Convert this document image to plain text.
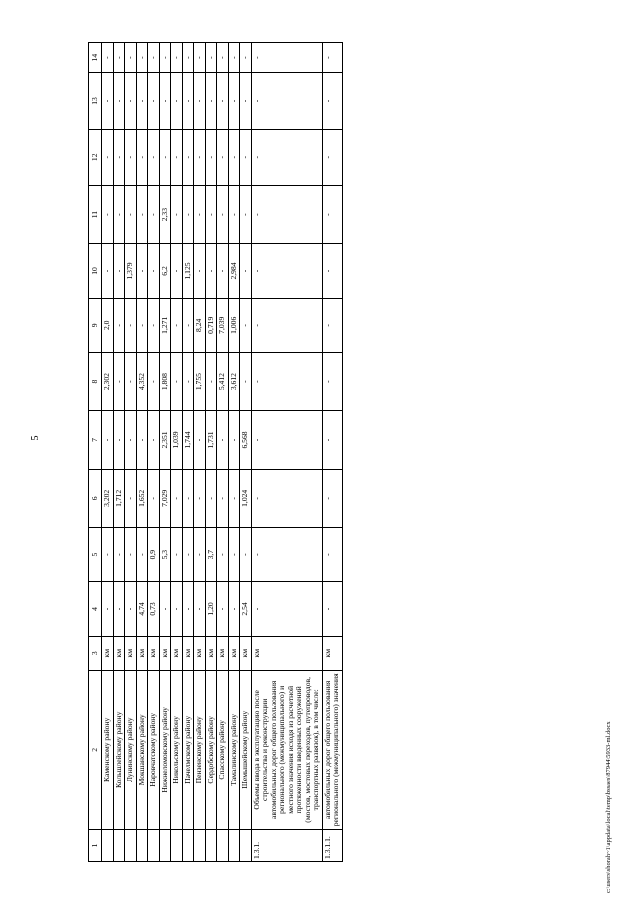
5
1	2	3	4	5	6	7	8	9	10	11	12	13	14
	Каменскому району	км	-	-	3,202	-	2,302	2,0	-	-	-	-	-
	Кольшлейскому району	км	-	-	1,712	-	-	-	-	-	-	-	-
	Лунинскому району	км	-	-	-	-	-	-	1,379	-	-	-	-
	Мокшанскому району	км	4,74	-	1,652	-	4,352	-	-	-	-	-	-
	Наровчатскому району	км	0,73	0,9	-	-	-	-	-	-	-	-	-
	Нижнеломовскому району	км	-	5,3	7,029	2,351	1,808	1,271	6,2	2,33	-	-	-
	Никольскому району	км	-	-	-	1,039	-	-	-	-	-	-	-
	Пачелмскому району	км	-	-	-	1,744	-	-	1,125	-	-	-	-
	Пензенскому району	км	-	-	-	-	1,755	8,24	-	-	-	-	-
	Сердобскому району	км	1,20	3,7	-	1,731	-	0,719	-	-	-	-	-
	Спасскому району	км	-	-	-	-	5,412	7,039	-	-	-	-	-
	Тамалинскому району	км	-	-	-	-	3,612	1,006	2,984	-	-	-	-
	Шемышейскому району	км	2,54	-	1,024	6,568	-	-	-	-	-	-	-
1.3.1.	Объемы ввода в эксплуатацию после строительства и реконструкции автомобильных дорог общего пользования регионального (межмуниципального) и местного значения исходя из расчетной протяженности введенных сооружений (мостов, мостовых переходов, путепроводов, транспортных развязок), в том числе:	км	-	-	-	-	-	-	-	-	-	-	-
1.3.1.1.	автомобильных дорог общего пользования регионального (межмуниципального) значения	км	-	-	-	-	-	-	-	-	-	-	-
c:\users\shorah~1\appdata\local\temp\bssaes\87944\5933-ml.docx
